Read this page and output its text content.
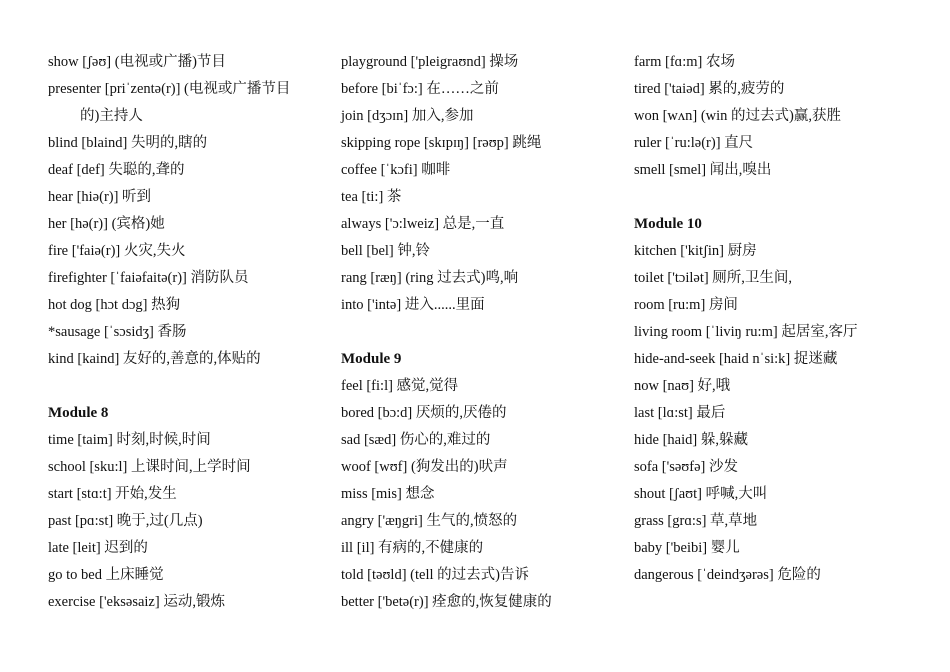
show [ʃəʊ] (电视或广播)节目
presenter [priˈzentə(r)] (电视或广播节目
的)主持人
blind [blaind] 失明的,瞎的
deaf [def] 失聪的,聋的
hear [hiə(r)] 听到
her [hə(r)] (宾格)她
fire ['faiə(r)] 火灾,失火
firefighter [ˈfaiəfaitə(r)] 消防队员
hot dog [hɔt dɔg] 热狗
*sausage [ˈsɔsidʒ] 香肠
kind [kaind] 友好的,善意的,体贴的
Module 8
time [taim] 时刻,时候,时间
school [sku:l] 上课时间,上学时间
start [stɑ:t] 开始,发生
past [pɑ:st] 晚于,过(几点)
late [leit] 迟到的
go to bed 上床睡觉
exercise ['eksəsaiz] 运动,锻炼
playground ['pleigraʊnd] 操场
before [biˈfɔ:] 在……之前
join [dʒɔɪn] 加入,参加
skipping rope [skɪpɪŋ] [rəʊp] 跳绳
coffee [ˈkɔfi] 咖啡
tea [ti:] 茶
always ['ɔ:lweiz] 总是,一直
bell [bel] 钟,铃
rang [ræŋ] (ring 过去式)鸣,响
into ['intə] 进入......里面
Module 9
feel [fi:l] 感觉,觉得
bored [bɔ:d] 厌烦的,厌倦的
sad [sæd] 伤心的,难过的
woof [wʊf] (狗发出的)吠声
miss [mis] 想念
angry ['æŋgri] 生气的,愤怒的
ill [il] 有病的,不健康的
told [təʊld] (tell 的过去式)告诉
better ['betə(r)] 痊愈的,恢复健康的
farm [fɑ:m] 农场
tired ['taiəd] 累的,疲劳的
won [wʌn] (win 的过去式)赢,获胜
ruler [ˈru:lə(r)] 直尺
smell [smel] 闻出,嗅出
Module 10
kitchen ['kitʃin] 厨房
toilet ['tɔilət] 厕所,卫生间,
room [ru:m] 房间
living room [ˈliviŋ ru:m] 起居室,客厅
hide-and-seek [haid nˈsi:k] 捉迷藏
now [naʊ] 好,哦
last [lɑ:st] 最后
hide [haid] 躲,躲藏
sofa ['səʊfə] 沙发
shout [ʃaʊt] 呼喊,大叫
grass [grɑ:s] 草,草地
baby ['beibi] 婴儿
dangerous [ˈdeindʒərəs] 危险的
